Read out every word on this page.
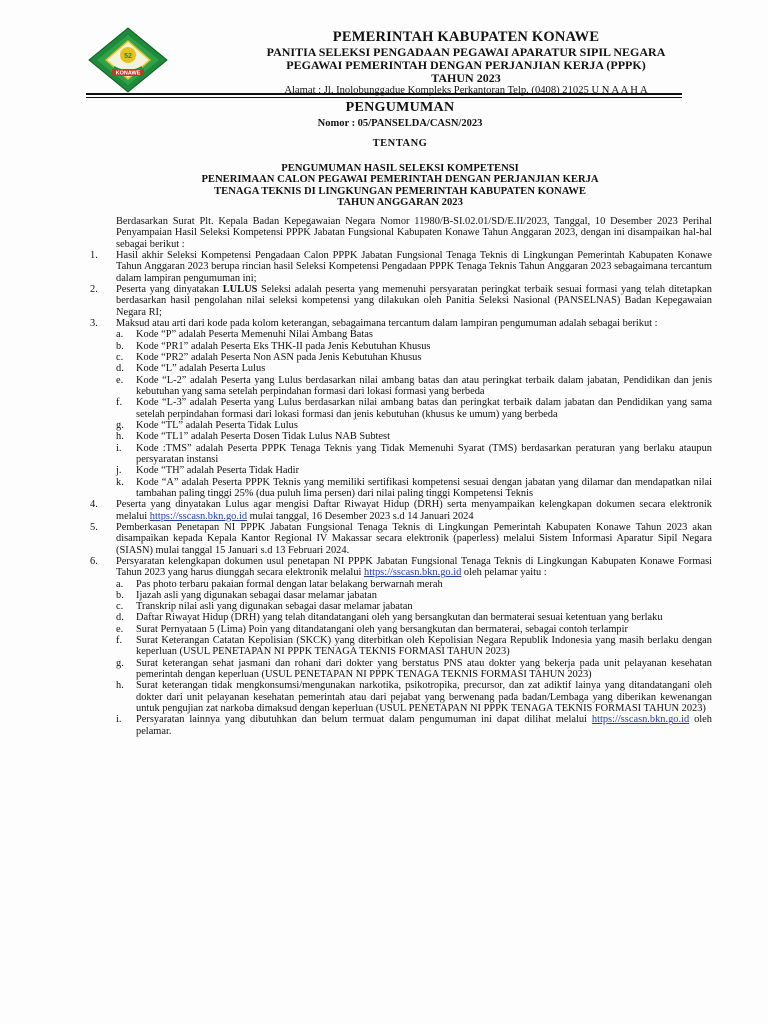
52
KONAWE
PEMERINTAH KABUPATEN KONAWE
PANITIA SELEKSI PENGADAAN PEGAWAI APARATUR SIPIL NEGARA
PEGAWAI PEMERINTAH DENGAN PERJANJIAN KERJA (PPPK)
TAHUN 2023
Alamat : Jl. Inolobunggadue Kompleks Perkantoran Telp. (0408) 21025 U N A A H A
PENGUMUMAN
Nomor : 05/PANSELDA/CASN/2023
TENTANG
PENGUMUMAN HASIL SELEKSI KOMPETENSI
PENERIMAAN CALON PEGAWAI PEMERINTAH DENGAN PERJANJIAN KERJA
TENAGA TEKNIS DI LINGKUNGAN PEMERINTAH KABUPATEN KONAWE
TAHUN ANGGARAN 2023

Berdasarkan Surat Plt. Kepala Badan Kepegawaian Negara Nomor 11980/B-SI.02.01/SD/E.II/2023, Tanggal, 10 Desember 2023 Perihal Penyampaian Hasil Seleksi Kompetensi PPPK Jabatan Fungsional Kabupaten Konawe Tahun Anggaran 2023, dengan ini disampaikan hal-hal sebagai berikut :

1.	Hasil akhir Seleksi Kompetensi Pengadaan Calon PPPK Jabatan Fungsional Tenaga Teknis di Lingkungan Pemerintah Kabupaten Konawe Tahun Anggaran 2023 berupa rincian hasil Seleksi Kompetensi Pengadaan PPPK Tenaga Teknis Tahun Anggaran 2023 sebagaimana tercantum dalam lampiran pengumuman ini;
2.	Peserta yang dinyatakan LULUS Seleksi adalah peserta yang memenuhi persyaratan peringkat terbaik sesuai formasi yang telah ditetapkan berdasarkan hasil pengolahan nilai seleksi kompetensi yang dilakukan oleh Panitia Seleksi Nasional (PANSELNAS) Badan Kepegawaian Negara RI;
3.	Maksud atau arti dari kode pada kolom keterangan, sebagaimana tercantum dalam lampiran pengumuman adalah sebagai berikut :
a.	Kode “P” adalah Peserta Memenuhi Nilai Ambang Batas
b.	Kode “PR1” adalah Peserta Eks THK-II pada Jenis Kebutuhan Khusus
c.	Kode “PR2” adalah Peserta Non ASN pada Jenis Kebutuhan Khusus
d.	Kode “L” adalah Peserta Lulus
e.	Kode “L-2” adalah Peserta yang Lulus berdasarkan nilai ambang batas dan atau peringkat terbaik dalam jabatan, Pendidikan dan jenis kebutuhan yang sama setelah perpindahan formasi dari lokasi formasi yang berbeda
f.	Kode “L-3” adalah Peserta yang Lulus berdasarkan nilai ambang batas dan peringkat terbaik dalam jabatan dan Pendidikan yang sama setelah perpindahan formasi dari lokasi formasi dan jenis kebutuhan (khusus ke umum) yang berbeda
g.	Kode “TL” adalah Peserta Tidak Lulus
h.	Kode “TL1” adalah Peserta Dosen Tidak Lulus NAB Subtest
i.	Kode :TMS” adalah Peserta PPPK Tenaga Teknis yang Tidak Memenuhi Syarat (TMS) berdasarkan peraturan yang berlaku ataupun persyaratan instansi
j.	Kode “TH” adalah Peserta Tidak Hadir
k.	Kode “A” adalah Peserta PPPK Teknis yang memiliki sertifikasi kompetensi sesuai dengan jabatan yang dilamar dan mendapatkan nilai tambahan paling tinggi 25% (dua puluh lima persen) dari nilai paling tinggi Kompetensi Teknis
4.	Peserta yang dinyatakan Lulus agar mengisi Daftar Riwayat Hidup (DRH) serta menyampaikan kelengkapan dokumen secara elektronik melalui https://sscasn.bkn.go.id mulai tanggal, 16 Desember 2023 s.d 14 Januari 2024
5.	Pemberkasan Penetapan NI PPPK Jabatan Fungsional Tenaga Teknis di Lingkungan Pemerintah Kabupaten Konawe Tahun 2023 akan disampaikan kepada Kepala Kantor Regional IV Makassar secara elektronik (paperless) melalui Sistem Informasi Aparatur Sipil Negara (SIASN) mulai tanggal 15 Januari s.d 13 Februari 2024.
6.	Persyaratan kelengkapan dokumen usul penetapan NI PPPK Jabatan Fungsional Tenaga Teknis di Lingkungan Kabupaten Konawe Formasi Tahun 2023 yang harus diunggah secara elektronik melalui https://sscasn.bkn.go.id oleh pelamar yaitu :
a.	Pas photo terbaru pakaian formal dengan latar belakang berwarnah merah
b.	Ijazah asli yang digunakan sebagai dasar melamar jabatan
c.	Transkrip nilai asli yang digunakan sebagai dasar melamar jabatan
d.	Daftar Riwayat Hidup (DRH) yang telah ditandatangani oleh yang bersangkutan dan bermaterai sesuai ketentuan yang berlaku
e.	Surat Pernyataan 5 (Lima) Poin yang ditandatangani oleh yang bersangkutan dan bermaterai, sebagai contoh terlampir
f.	Surat Keterangan Catatan Kepolisian (SKCK) yang diterbitkan oleh Kepolisian Negara Republik Indonesia yang masih berlaku dengan keperluan (USUL PENETAPAN NI PPPK TENAGA TEKNIS FORMASI TAHUN 2023)
g.	Surat keterangan sehat jasmani dan rohani dari dokter yang berstatus PNS atau dokter yang bekerja pada unit pelayanan kesehatan pemerintah dengan keperluan (USUL PENETAPAN NI PPPK TENAGA TEKNIS FORMASI TAHUN 2023)
h.	Surat keterangan tidak mengkonsumsi/mengunakan narkotika, psikotropika, precursor, dan zat adiktif lainya yang ditandatangani oleh dokter dari unit pelayanan kesehatan pemerintah atau dari pejabat yang berwenang pada badan/Lembaga yang diberikan kewenangan untuk pengujian zat narkoba dimaksud dengan keperluan (USUL PENETAPAN NI PPPK TENAGA TEKNIS FORMASI TAHUN 2023)
i.	Persyaratan lainnya yang dibutuhkan dan belum termuat dalam pengumuman ini dapat dilihat melalui https://sscasn.bkn.go.id oleh pelamar.
